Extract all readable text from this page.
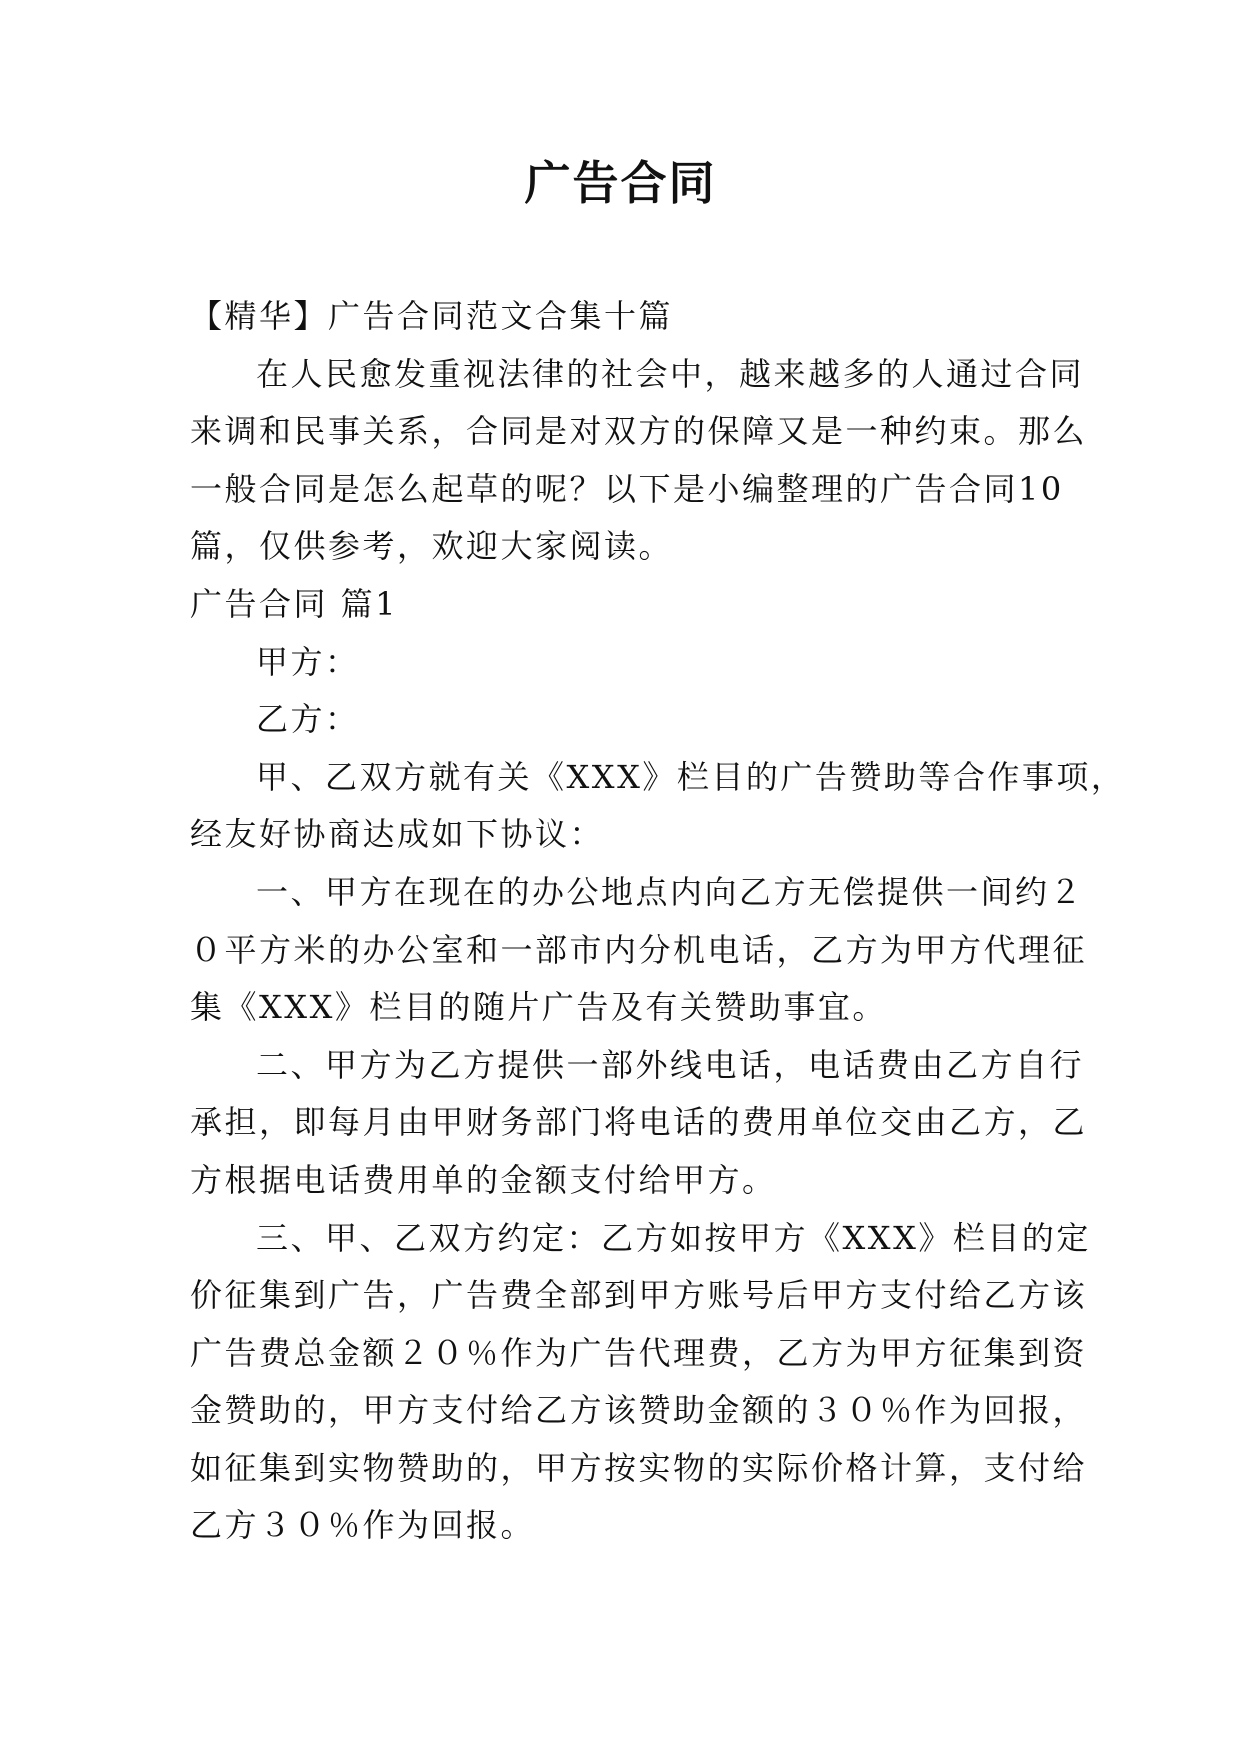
广告合同
【精华】广告合同范文合集十篇
在人民愈发重视法律的社会中，越来越多的人通过合同
来调和民事关系，合同是对双方的保障又是一种约束。那么
一般合同是怎么起草的呢？以下是小编整理的广告合同10
篇，仅供参考，欢迎大家阅读。
广告合同 篇1
甲方：
乙方：
甲、乙双方就有关《XXX》栏目的广告赞助等合作事项，
经友好协商达成如下协议：
一、甲方在现在的办公地点内向乙方无偿提供一间约２
０平方米的办公室和一部市内分机电话，乙方为甲方代理征
集《XXX》栏目的随片广告及有关赞助事宜。
二、甲方为乙方提供一部外线电话，电话费由乙方自行
承担，即每月由甲财务部门将电话的费用单位交由乙方，乙
方根据电话费用单的金额支付给甲方。
三、甲、乙双方约定：乙方如按甲方《XXX》栏目的定
价征集到广告，广告费全部到甲方账号后甲方支付给乙方该
广告费总金额２０％作为广告代理费，乙方为甲方征集到资
金赞助的，甲方支付给乙方该赞助金额的３０％作为回报，
如征集到实物赞助的，甲方按实物的实际价格计算，支付给
乙方３０％作为回报。
